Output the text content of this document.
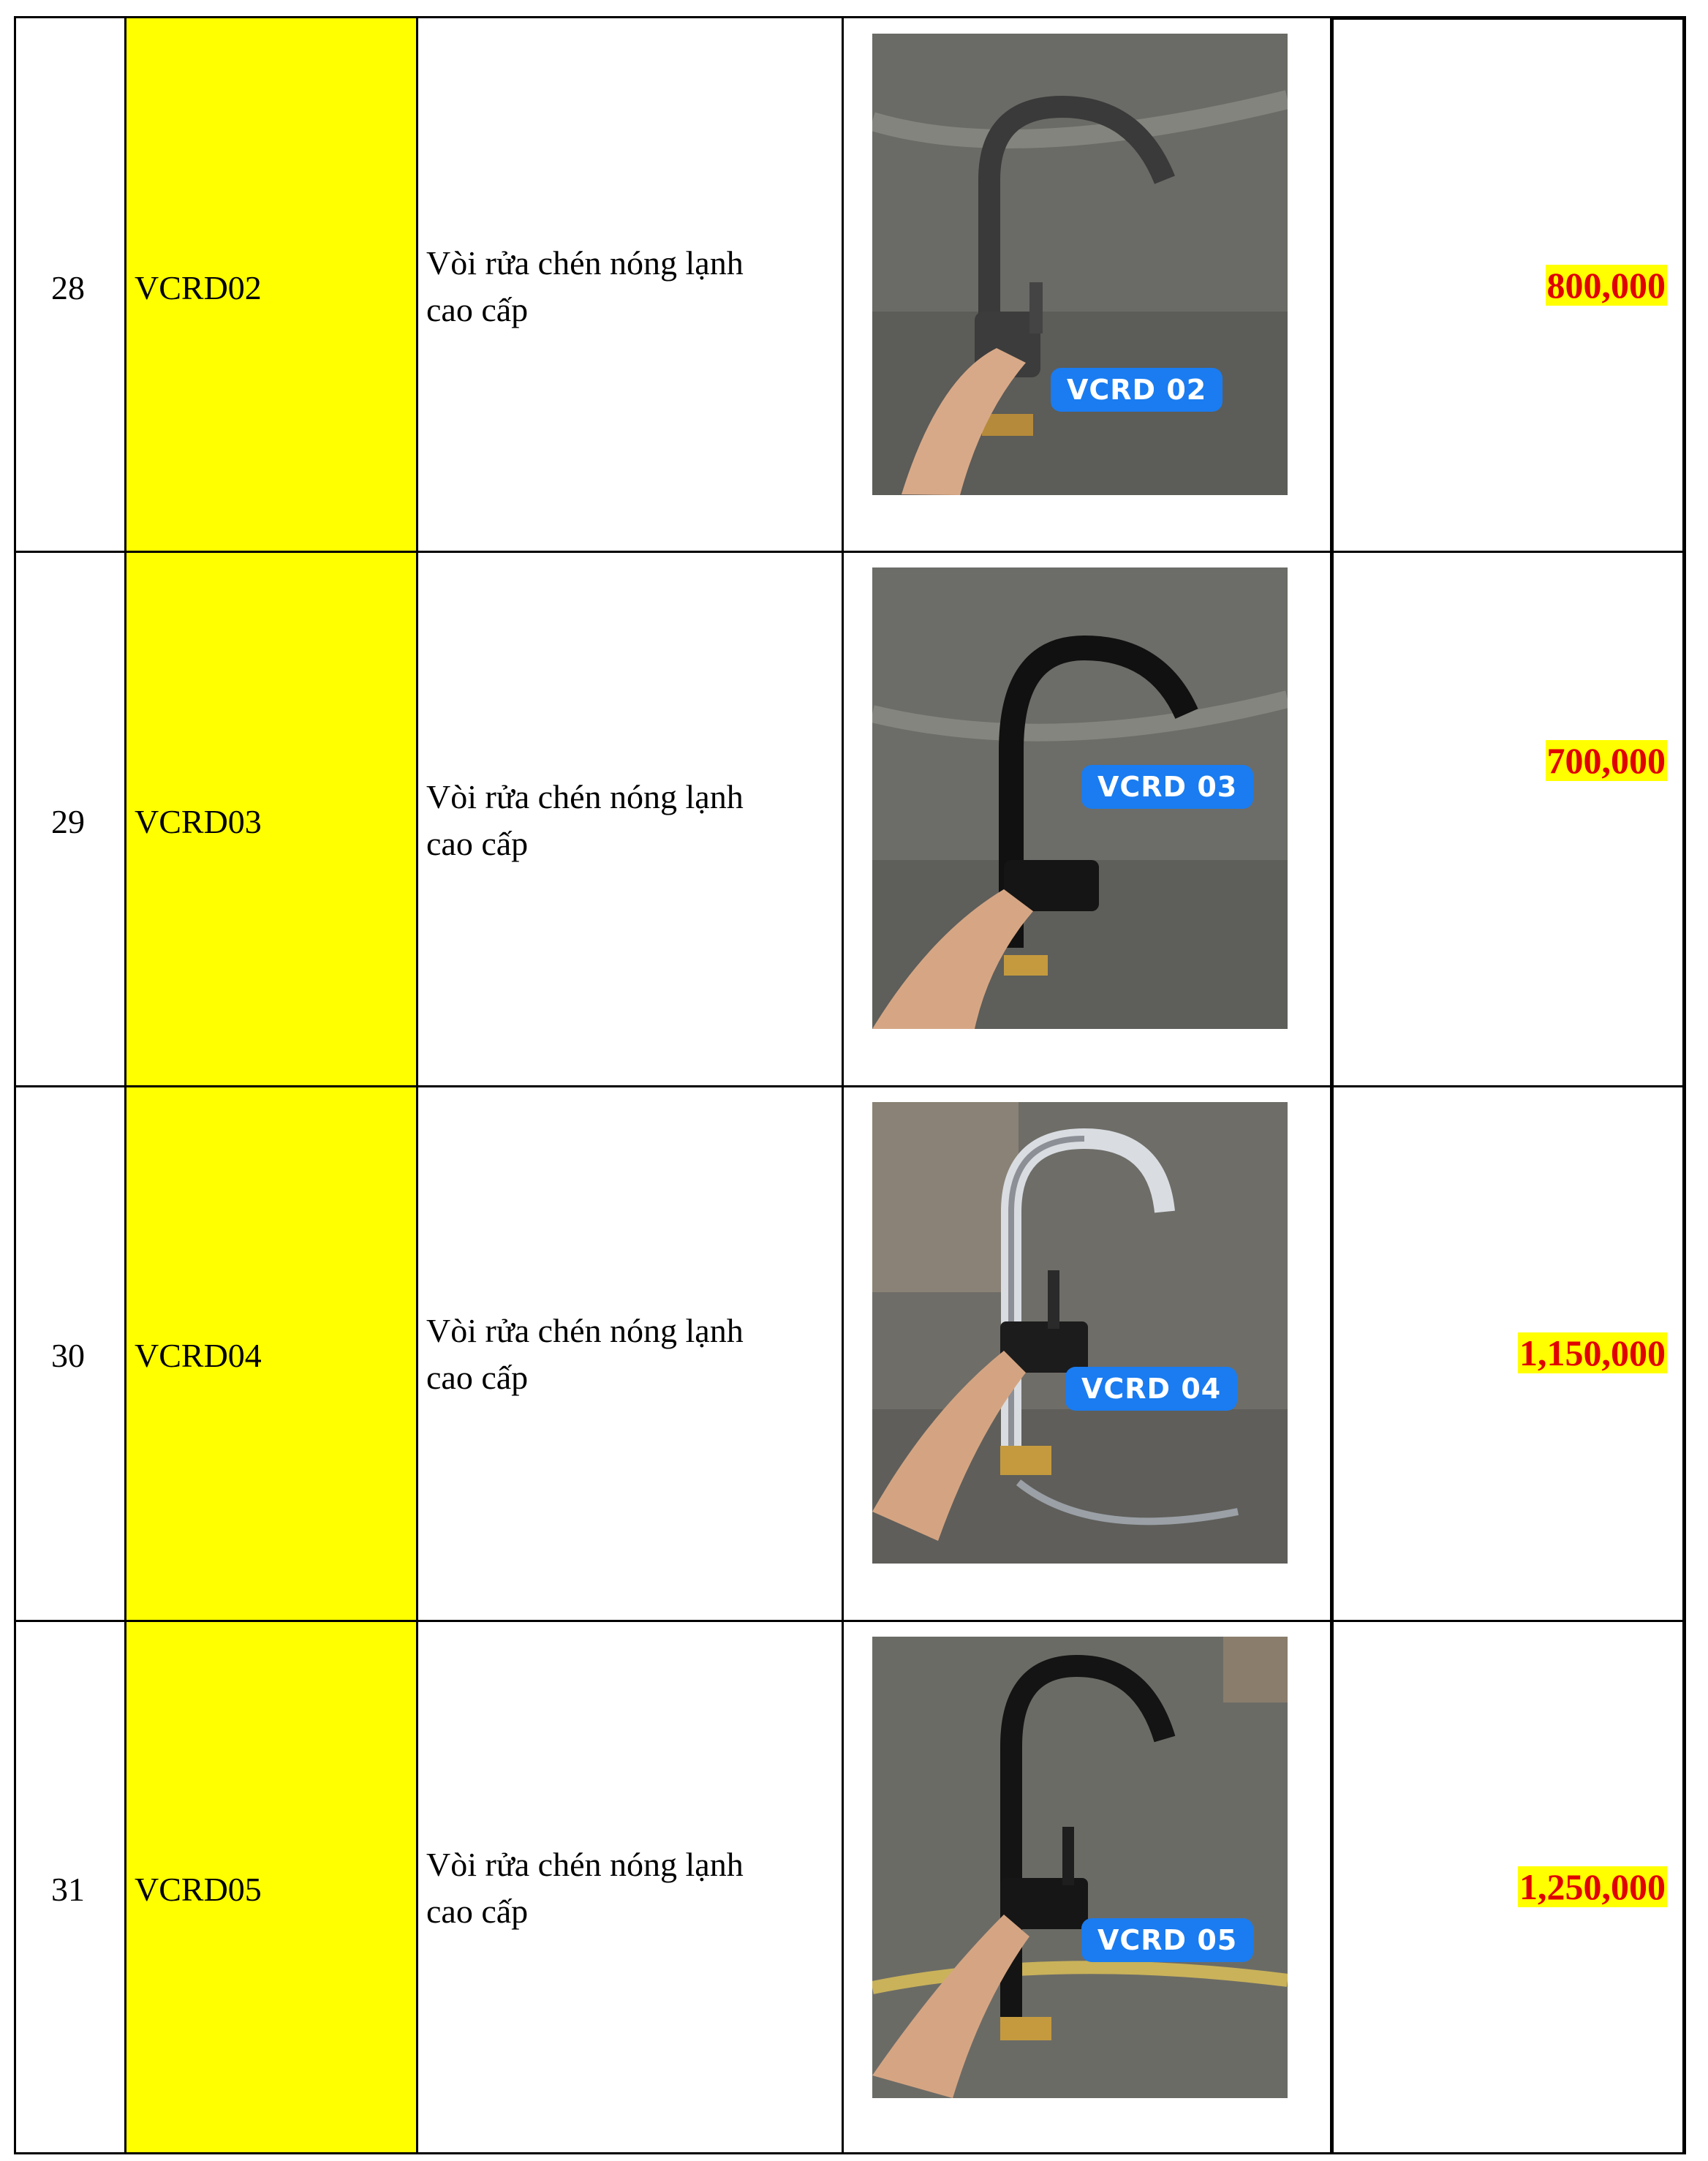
28 VCRD02
Vòi rửa chén nóng lạnh
cao cấp
VCRD 02
800,000
29 VCRD03
Vòi rửa chén nóng lạnh
cao cấp
VCRD 03
700,000
30 VCRD04
Vòi rửa chén nóng lạnh
cao cấp	VCRD 04
1,150,000
31 VCRD05
Vòi rửa chén nóng lạnh
cao cấp
VCRD 05
1,250,000
